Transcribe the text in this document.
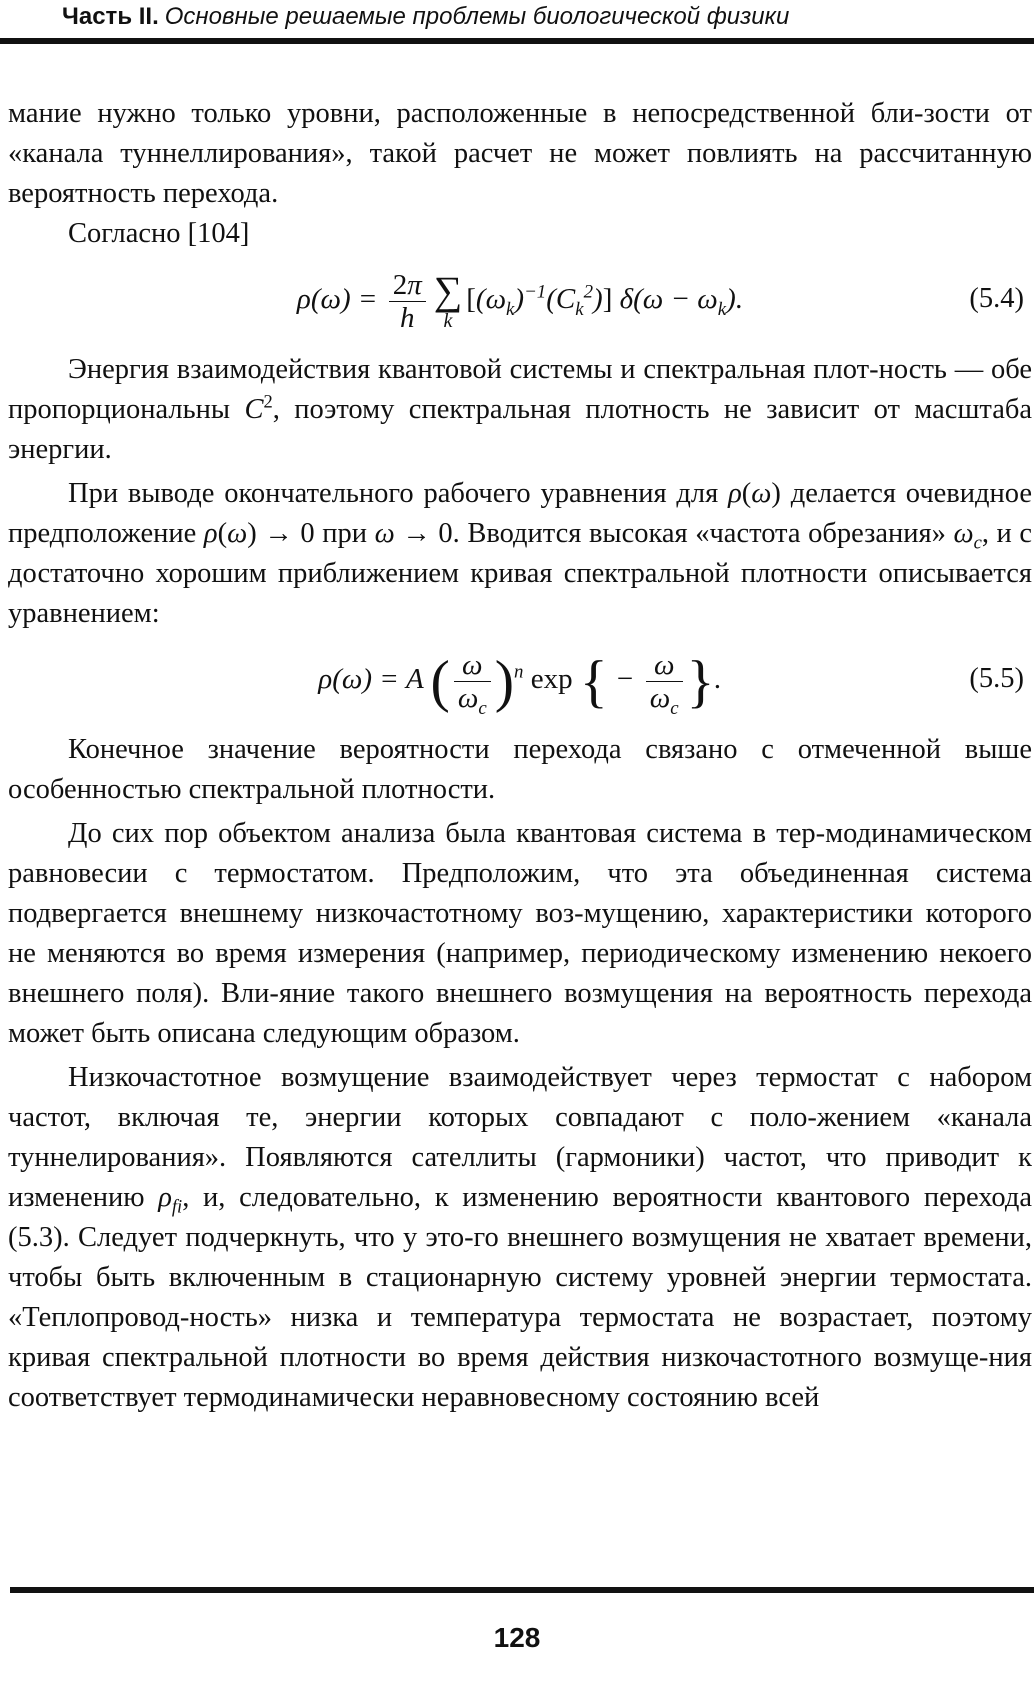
Часть II. Основные решаемые проблемы биологической физики

мание нужно только уровни, расположенные в непосредственной бли-зости от «канала туннеллирования», такой расчет не может повлиять на рассчитанную вероятность перехода.

Согласно [104]

$\rho(\omega) = \frac{2\pi}{h}$ ∑
k
$[(\omega_k)^{-1}(C_k^2)] \delta(\omega - \omega_k)$.	(5.4)

Энергия взаимодействия квантовой системы и спектральная плот-ность — обе пропорциональны $C^2$, поэтому спектральная плотность не зависит от масштаба энергии.

При выводе окончательного рабочего уравнения для ρ(ω) делается очевидное предположение ρ(ω) → 0 при ω → 0. Вводится высокая «частота обрезания» $\omega_c$, и с достаточно хорошим приближением кривая спектральной плотности описывается уравнением:

ρ(ω) = A ( $\frac{\omega}{\omega_c} )^n$ exp { − $\frac{\omega}{\omega_c}$ }.	(5.5)

Конечное значение вероятности перехода связано с отмеченной выше особенностью спектральной плотности.

До сих пор объектом анализа была квантовая система в тер-модинамическом равновесии с термостатом. Предположим, что эта объединенная система подвергается внешнему низкочастотному воз-мущению, характеристики которого не меняются во время измерения (например, периодическому изменению некоего внешнего поля). Вли-яние такого внешнего возмущения на вероятность перехода может быть описана следующим образом.

Низкочастотное возмущение взаимодействует через термостат с набором частот, включая те, энергии которых совпадают с поло-жением «канала туннелирования». Появляются сателлиты (гармоники) частот, что приводит к изменению $\rho_{fi}$, и, следовательно, к изменению вероятности квантового перехода (5.3). Следует подчеркнуть, что у это-го внешнего возмущения не хватает времени, чтобы быть включенным в стационарную систему уровней энергии термостата. «Теплопровод-ность» низка и температура термостата не возрастает, поэтому кривая спектральной плотности во время действия низкочастотного возмуще-ния соответствует термодинамически неравновесному состоянию всей

128
